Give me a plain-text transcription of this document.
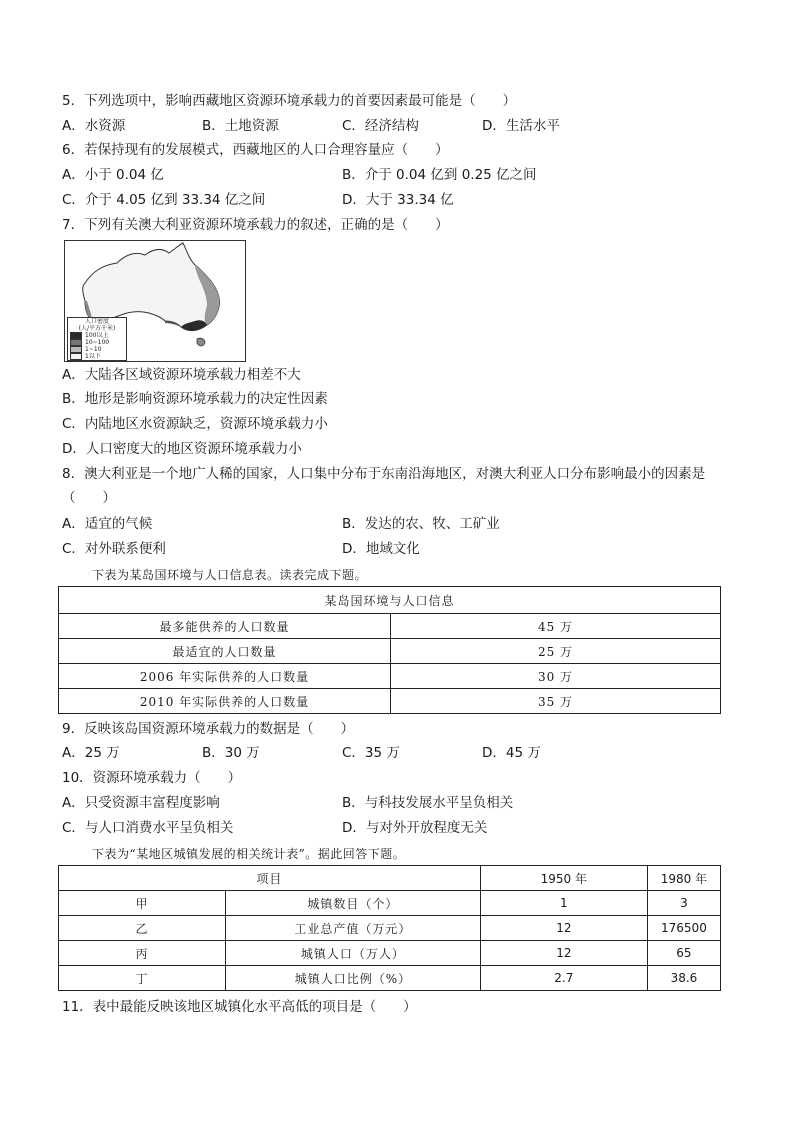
5．下列选项中，影响西藏地区资源环境承载力的首要因素最可能是（　　）
A．水资源	B．土地资源	C．经济结构	D．生活水平
6．若保持现有的发展模式，西藏地区的人口合理容量应（　　）
A．小于 0.04 亿	B．介于 0.04 亿到 0.25 亿之间
C．介于 4.05 亿到 33.34 亿之间	D．大于 33.34 亿
7．下列有关澳大利亚资源环境承载力的叙述，正确的是（　　）
人口密度
(人/平方千米)
100以上
10~100
1~10
1以下
A．大陆各区域资源环境承载力相差不大
B．地形是影响资源环境承载力的决定性因素
C．内陆地区水资源缺乏，资源环境承载力小
D．人口密度大的地区资源环境承载力小
8．澳大利亚是一个地广人稀的国家，人口集中分布于东南沿海地区，对澳大利亚人口分布影响最小的因素是
（　　）
A．适宜的气候	B．发达的农、牧、工矿业
C．对外联系便利	D．地域文化
下表为某岛国环境与人口信息表。读表完成下题。
某岛国环境与人口信息	
最多能供养的人口数量	45 万
最适宜的人口数量	25 万
2006 年实际供养的人口数量	30 万
2010 年实际供养的人口数量	35 万
9．反映该岛国资源环境承载力的数据是（　　）
A．25 万	B．30 万	C．35 万	D．45 万
10．资源环境承载力（　　）
A．只受资源丰富程度影响	B．与科技发展水平呈负相关
C．与人口消费水平呈负相关	D．与对外开放程度无关
下表为“某地区城镇发展的相关统计表”。据此回答下题。
项目		1950 年	1980 年
甲	城镇数目（个）	1	3
乙	工业总产值（万元）	12	176500
丙	城镇人口（万人）	12	65
丁	城镇人口比例（%）	2.7	38.6
11．表中最能反映该地区城镇化水平高低的项目是（　　）
